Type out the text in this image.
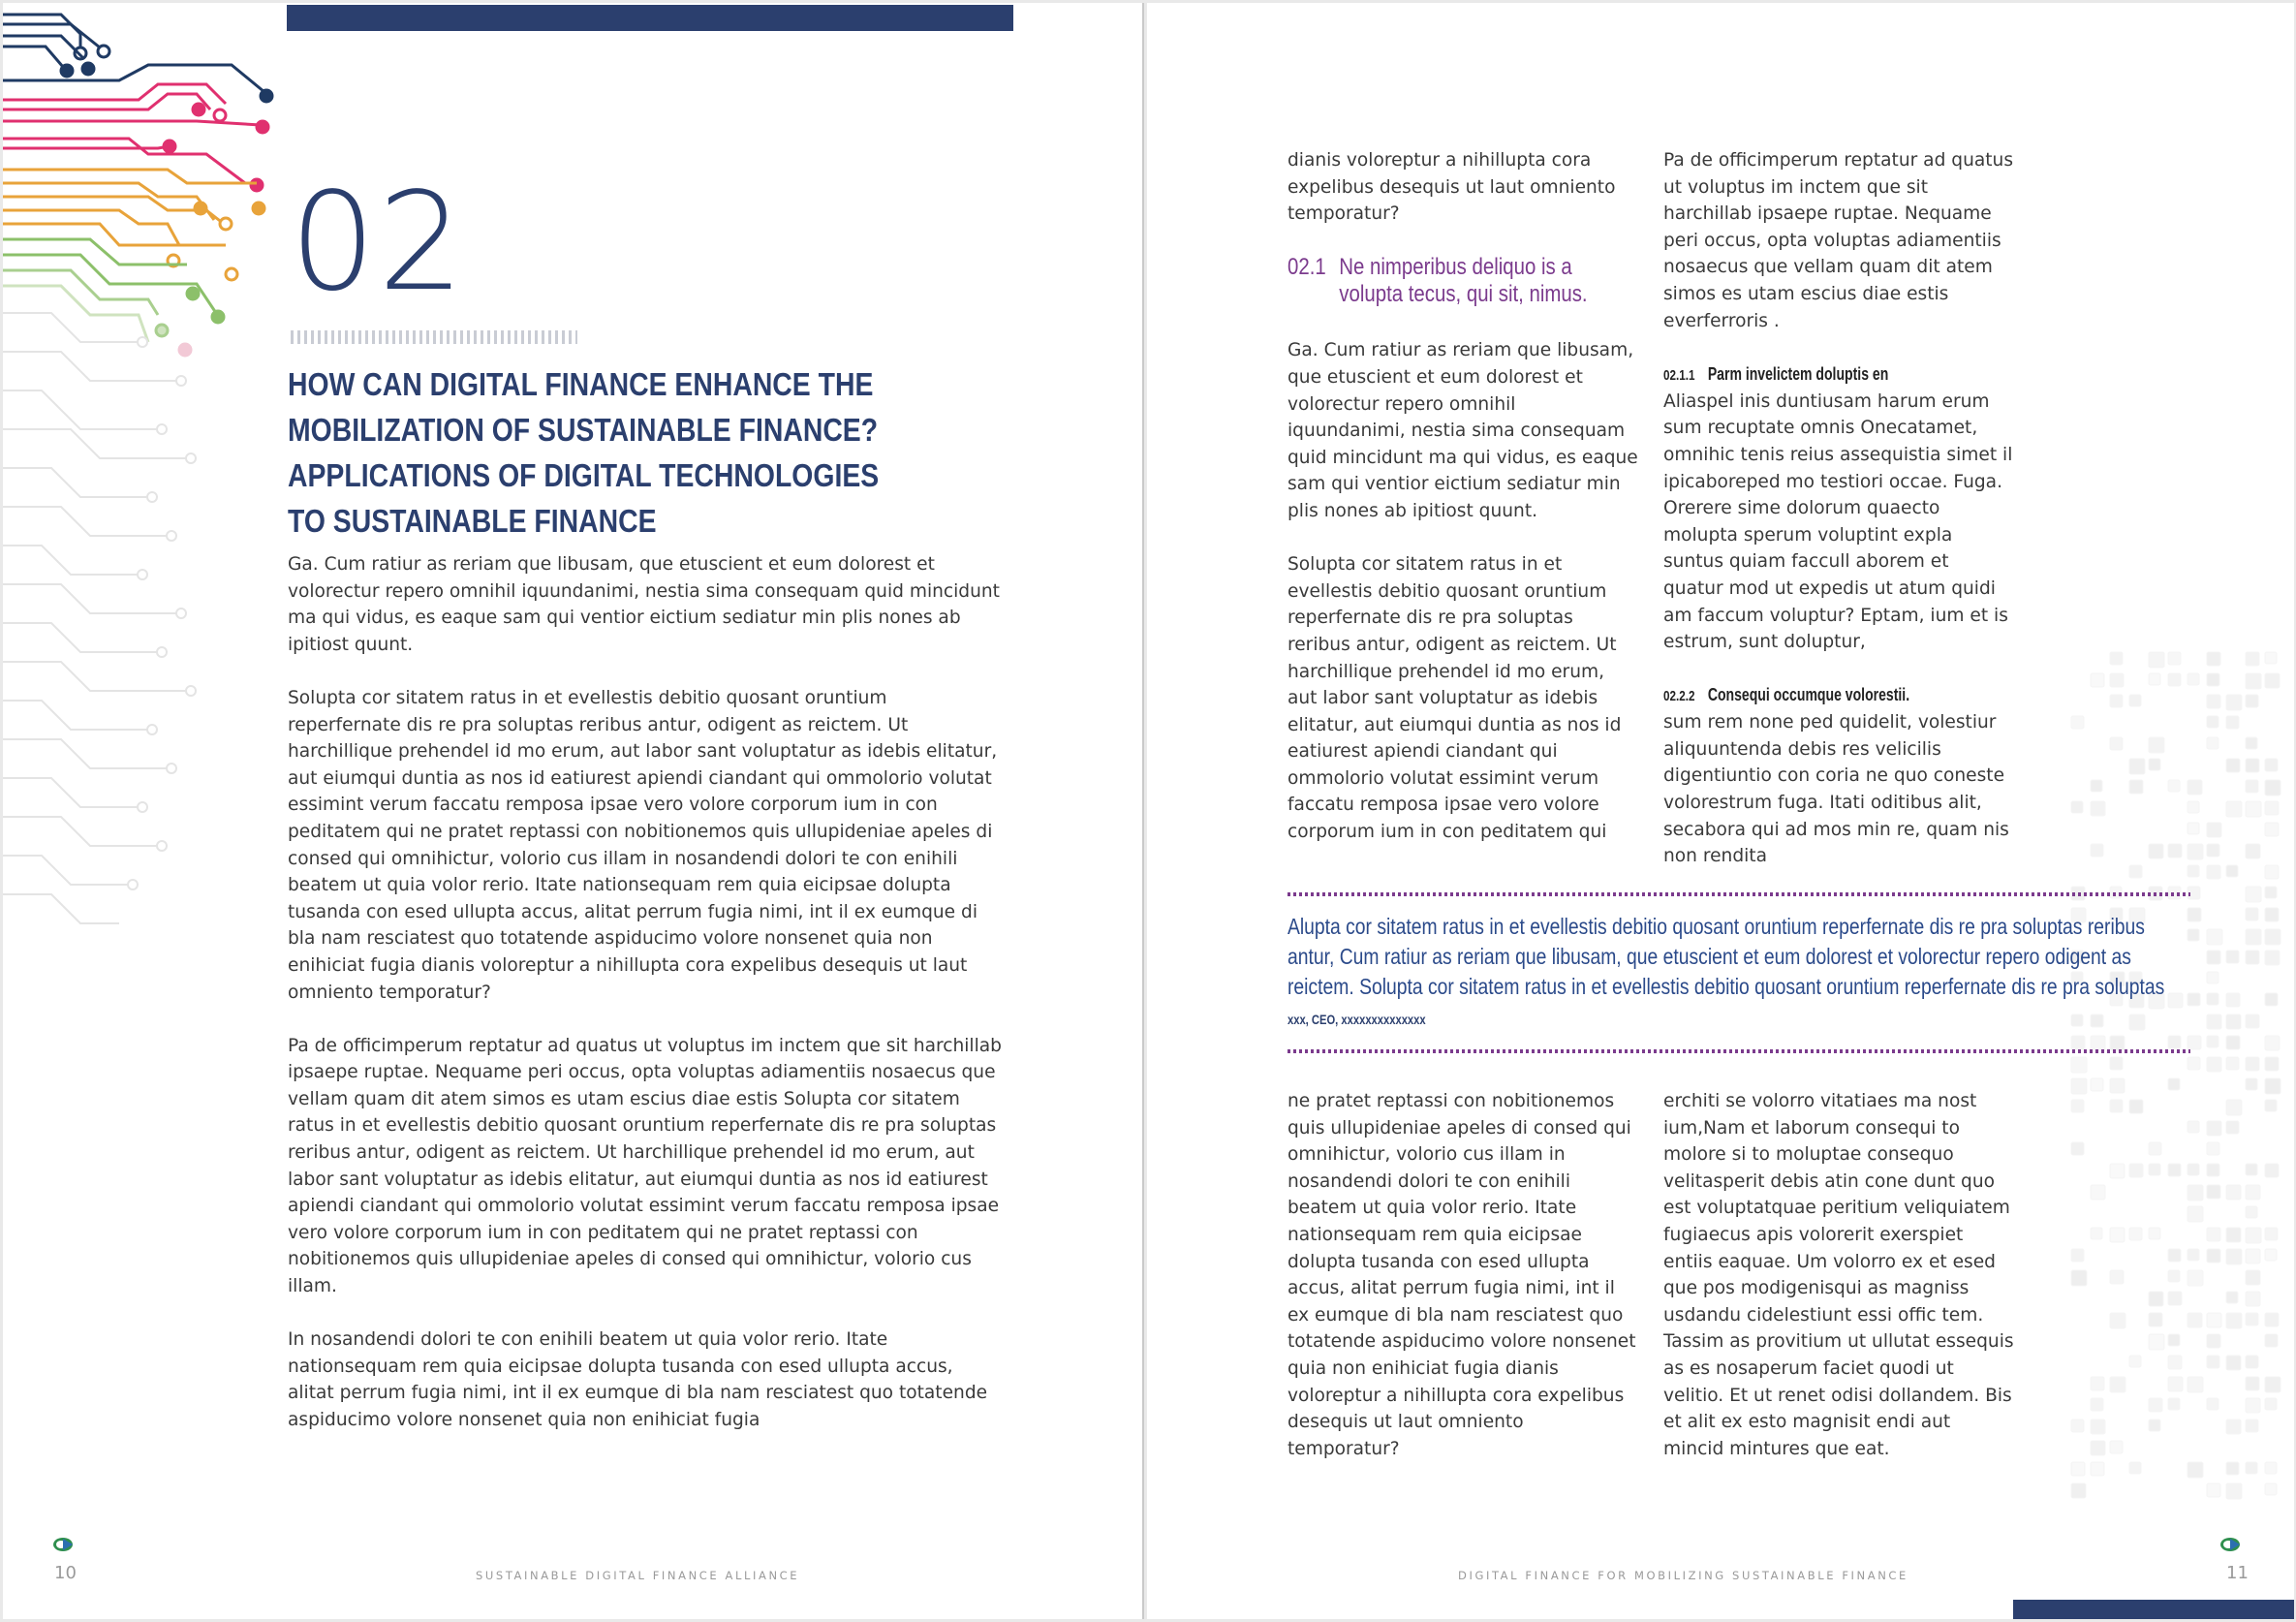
02
HOW CAN DIGITAL FINANCE ENHANCE THE MOBILIZATION OF SUSTAINABLE FINANCE? APPLICATIONS OF DIGITAL TECHNOLOGIES TO SUSTAINABLE FINANCE

Ga. Cum ratiur as reriam que libusam, que etuscient et eum dolorest et volorectur repero omnihil iquundanimi, nestia sima consequam quid mincidunt ma qui vidus, es eaque sam qui ventior eictium sediatur min plis nones ab ipitiost quunt.

Solupta cor sitatem ratus in et evellestis debitio quosant oruntium reperfernate dis re pra soluptas reribus antur, odigent as reictem. Ut harchillique prehendel id mo erum, aut labor sant voluptatur as idebis elitatur, aut eiumqui duntia as nos id eatiurest apiendi ciandant qui ommolorio volutat essimint verum faccatu remposa ipsae vero volore corporum ium in con peditatem qui ne pratet reptassi con nobitionemos quis ullupideniae apeles di consed qui omnihictur, volorio cus illam in nosandendi dolori te con enihili beatem ut quia volor rerio. Itate nationsequam rem quia eicipsae dolupta tusanda con esed ullupta accus, alitat perrum fugia nimi, int il ex eumque di bla nam resciatest quo totatende aspiducimo volore nonsenet quia non enihiciat fugia dianis voloreptur a nihillupta cora expelibus desequis ut laut omniento temporatur?

Pa de officimperum reptatur ad quatus ut voluptus im inctem que sit harchillab ipsaepe ruptae. Nequame peri occus, opta voluptas adiamentiis nosaecus que vellam quam dit atem simos es utam escius diae estis Solupta cor sitatem ratus in et evellestis debitio quosant oruntium reperfernate dis re pra soluptas reribus antur, odigent as reictem. Ut harchillique prehendel id mo erum, aut labor sant voluptatur as idebis elitatur, aut eiumqui duntia as nos id eatiurest apiendi ciandant qui ommolorio volutat essimint verum faccatu remposa ipsae vero volore corporum ium in con peditatem qui ne pratet reptassi con nobitionemos quis ullupideniae apeles di consed qui omnihictur, volorio cus illam.

In nosandendi dolori te con enihili beatem ut quia volor rerio. Itate nationsequam rem quia eicipsae dolupta tusanda con esed ullupta accus, alitat perrum fugia nimi, int il ex eumque di bla nam resciatest quo totatende aspiducimo volore nonsenet quia non enihiciat fugia

10	SUSTAINABLE DIGITAL FINANCE ALLIANCE

dianis voloreptur a nihillupta cora expelibus desequis ut laut omniento temporatur?

02.1 Ne nimperibus deliquo is a volupta tecus, qui sit, nimus.

Ga. Cum ratiur as reriam que libusam, que etuscient et eum dolorest et volorectur repero omnihil iquundanimi, nestia sima consequam quid mincidunt ma qui vidus, es eaque sam qui ventior eictium sediatur min plis nones ab ipitiost quunt.

Solupta cor sitatem ratus in et evellestis debitio quosant oruntium reperfernate dis re pra soluptas reribus antur, odigent as reictem. Ut harchillique prehendel id mo erum, aut labor sant voluptatur as idebis elitatur, aut eiumqui duntia as nos id eatiurest apiendi ciandant qui ommolorio volutat essimint verum faccatu remposa ipsae vero volore corporum ium in con peditatem qui

Pa de officimperum reptatur ad quatus ut voluptus im inctem que sit harchillab ipsaepe ruptae. Nequame peri occus, opta voluptas adiamentiis nosaecus que vellam quam dit atem simos es utam escius diae estis everferroris .

02.1.1 Parm invelictem doluptis en

Aliaspel inis duntiusam harum erum sum recuptate omnis Onecatamet, omnihic tenis reius assequistia simet il ipicaboreped mo testiori occae. Fuga. Orerere sime dolorum quaecto molupta sperum voluptint expla suntus quiam faccull aborem et quatur mod ut expedis ut atum quidi am faccum voluptur? Eptam, ium et is estrum, sunt doluptur,

02.2.2 Consequi occumque volorestii.

sum rem none ped quidelit, volestiur aliquuntenda debis res velicilis digentiuntio con coria ne quo coneste volorestrum fuga. Itati oditibus alit, secabora qui ad mos min re, quam nis non rendita

Alupta cor sitatem ratus in et evellestis debitio quosant oruntium reperfernate dis re pra soluptas reribus antur, Cum ratiur as reriam que libusam, que etuscient et eum dolorest et volorectur repero odigent as reictem. Solupta cor sitatem ratus in et evellestis debitio quosant oruntium reperfernate dis re pra soluptas
xxx, CEO, xxxxxxxxxxxxxx

ne pratet reptassi con nobitionemos quis ullupideniae apeles di consed qui omnihictur, volorio cus illam in nosandendi dolori te con enihili beatem ut quia volor rerio. Itate nationsequam rem quia eicipsae dolupta tusanda con esed ullupta accus, alitat perrum fugia nimi, int il ex eumque di bla nam resciatest quo totatende aspiducimo volore nonsenet quia non enihiciat fugia dianis voloreptur a nihillupta cora expelibus desequis ut laut omniento temporatur?

erchiti se volorro vitatiaes ma nost ium,Nam et laborum consequi to molore si to moluptae consequo velitasperit debis atin cone dunt quo est voluptatquae peritium veliquiatem fugiaecus apis volorerit exerspiet entiis eaquae. Um volorro ex et esed que pos modigenisqui as magniss usdandu cidelestiunt essi offic tem. Tassim as provitium ut ullutat essequis as es nosaperum faciet quodi ut velitio. Et ut renet odisi dollandem. Bis et alit ex esto magnisit endi aut mincid mintures que eat.

DIGITAL FINANCE FOR MOBILIZING SUSTAINABLE FINANCE	11
